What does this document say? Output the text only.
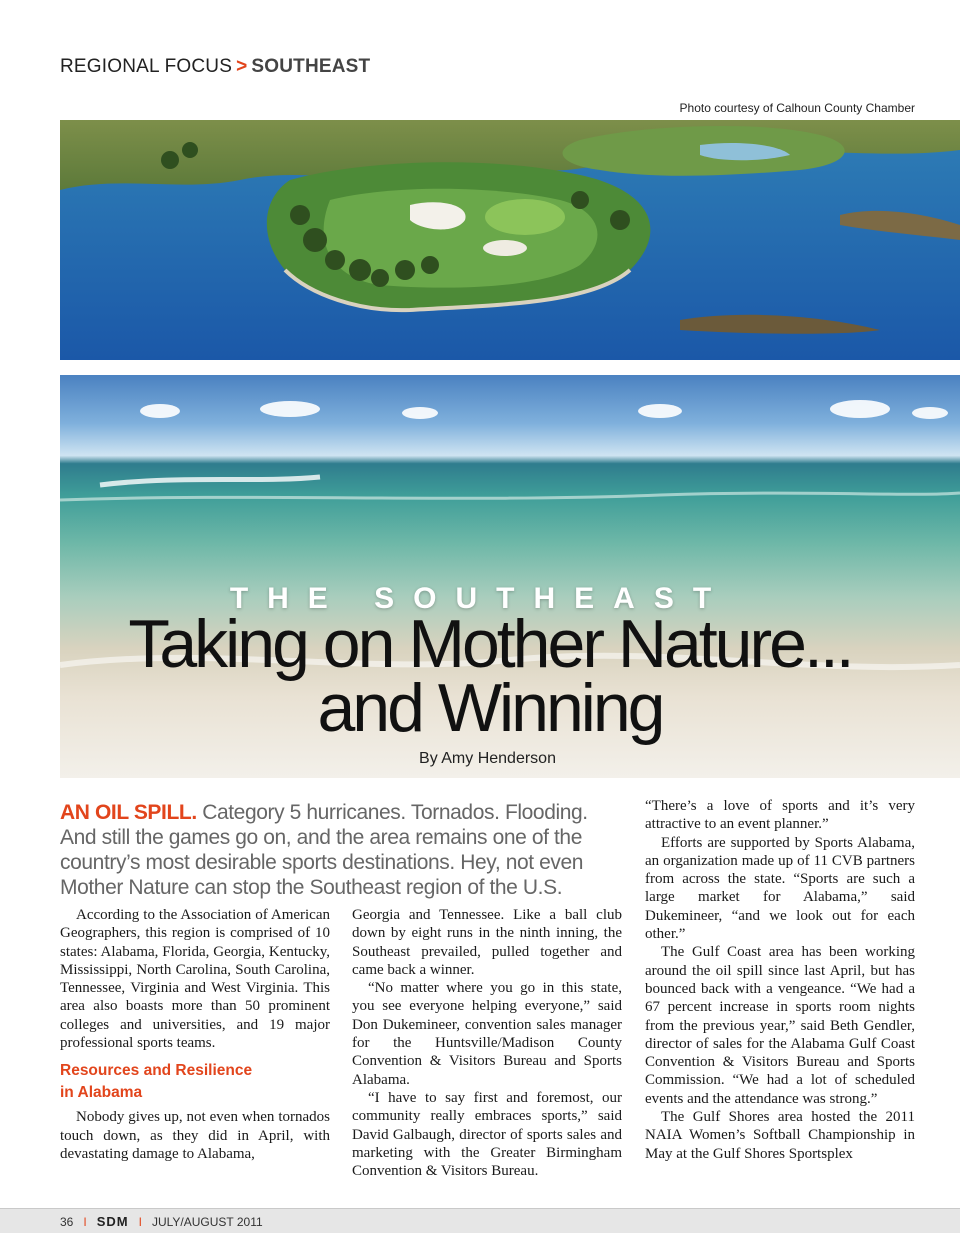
REGIONAL FOCUS > SOUTHEAST
Photo courtesy of Calhoun County Chamber
THE SOUTHEAST
Taking on Mother Nature...
and Winning
By Amy Henderson
AN OIL SPILL. Category 5 hurricanes. Tornados. Flooding. And still the games go on, and the area remains one of the country’s most desirable sports destinations. Hey, not even Mother Nature can stop the Southeast region of the U.S.

According to the Association of American Geographers, this region is comprised of 10 states: Alabama, Florida, Georgia, Kentucky, Mississippi, North Carolina, South Carolina, Tennessee, Virginia and West Virginia. This area also boasts more than 50 prominent colleges and universities, and 19 major professional sports teams.

Resources and Resilience
in Alabama

Nobody gives up, not even when tornados touch down, as they did in April, with devastating damage to Alabama,

Georgia and Tennessee. Like a ball club down by eight runs in the ninth inning, the Southeast prevailed, pulled together and came back a winner.

“No matter where you go in this state, you see everyone helping everyone,” said Don Dukemineer, convention sales manager for the Huntsville/Madison County Convention & Visitors Bureau and Sports Alabama.

“I have to say first and foremost, our community really embraces sports,” said David Galbaugh, director of sports sales and marketing with the Greater Birmingham Convention & Visitors Bureau.

“There’s a love of sports and it’s very attractive to an event planner.”

Efforts are supported by Sports Alabama, an organization made up of 11 CVB partners from across the state. “Sports are such a large market for Alabama,” said Dukemineer, “and we look out for each other.”

The Gulf Coast area has been working around the oil spill since last April, but has bounced back with a vengeance. “We had a 67 percent increase in sports room nights from the previous year,” said Beth Gendler, director of sales for the Alabama Gulf Coast Convention & Visitors Bureau and Sports Commission. “We had a lot of scheduled events and the attendance was strong.”

The Gulf Shores area hosted the 2011 NAIA Women’s Softball Championship in May at the Gulf Shores Sportsplex

36 I SDM I JULY/AUGUST 2011
